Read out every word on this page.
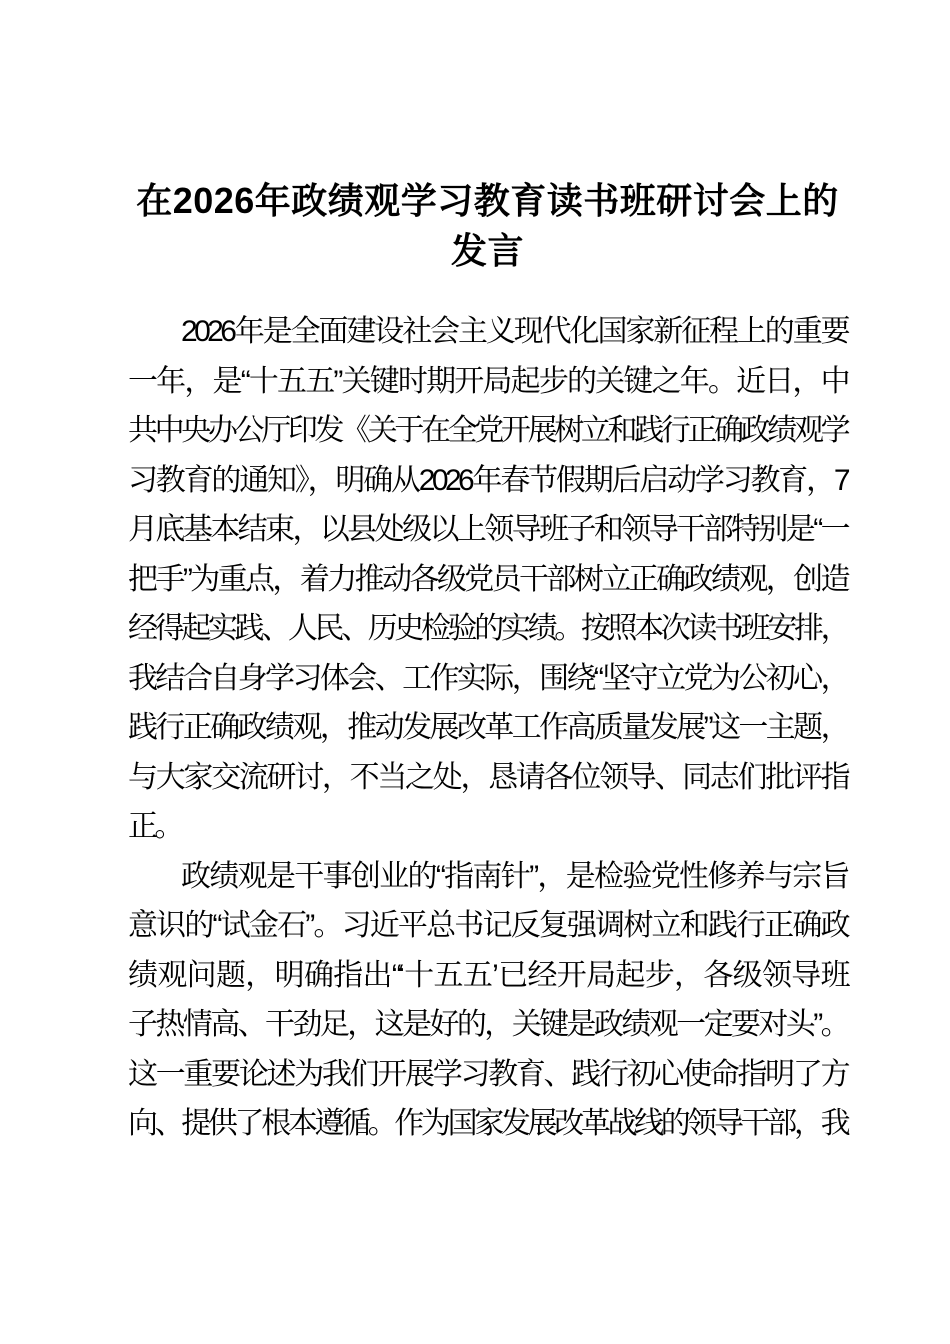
在2026年政绩观学习教育读书班研讨会上的
发言
2026年是全面建设社会主义现代化国家新征程上的重要
一年，是“十五五”关键时期开局起步的关键之年。近日，中
共中央办公厅印发《关于在全党开展树立和践行正确政绩观学
习教育的通知》，明确从2026年春节假期后启动学习教育，7
月底基本结束，以县处级以上领导班子和领导干部特别是“一
把手”为重点，着力推动各级党员干部树立正确政绩观，创造
经得起实践、人民、历史检验的实绩。按照本次读书班安排，
我结合自身学习体会、工作实际，围绕“坚守立党为公初心，
践行正确政绩观，推动发展改革工作高质量发展”这一主题，
与大家交流研讨，不当之处，恳请各位领导、同志们批评指
正。
政绩观是干事创业的“指南针”，是检验党性修养与宗旨
意识的“试金石”。习近平总书记反复强调树立和践行正确政
绩观问题，明确指出“‘十五五’已经开局起步，各级领导班
子热情高、干劲足，这是好的，关键是政绩观一定要对头”。
这一重要论述为我们开展学习教育、践行初心使命指明了方
向、提供了根本遵循。作为国家发展改革战线的领导干部，我
